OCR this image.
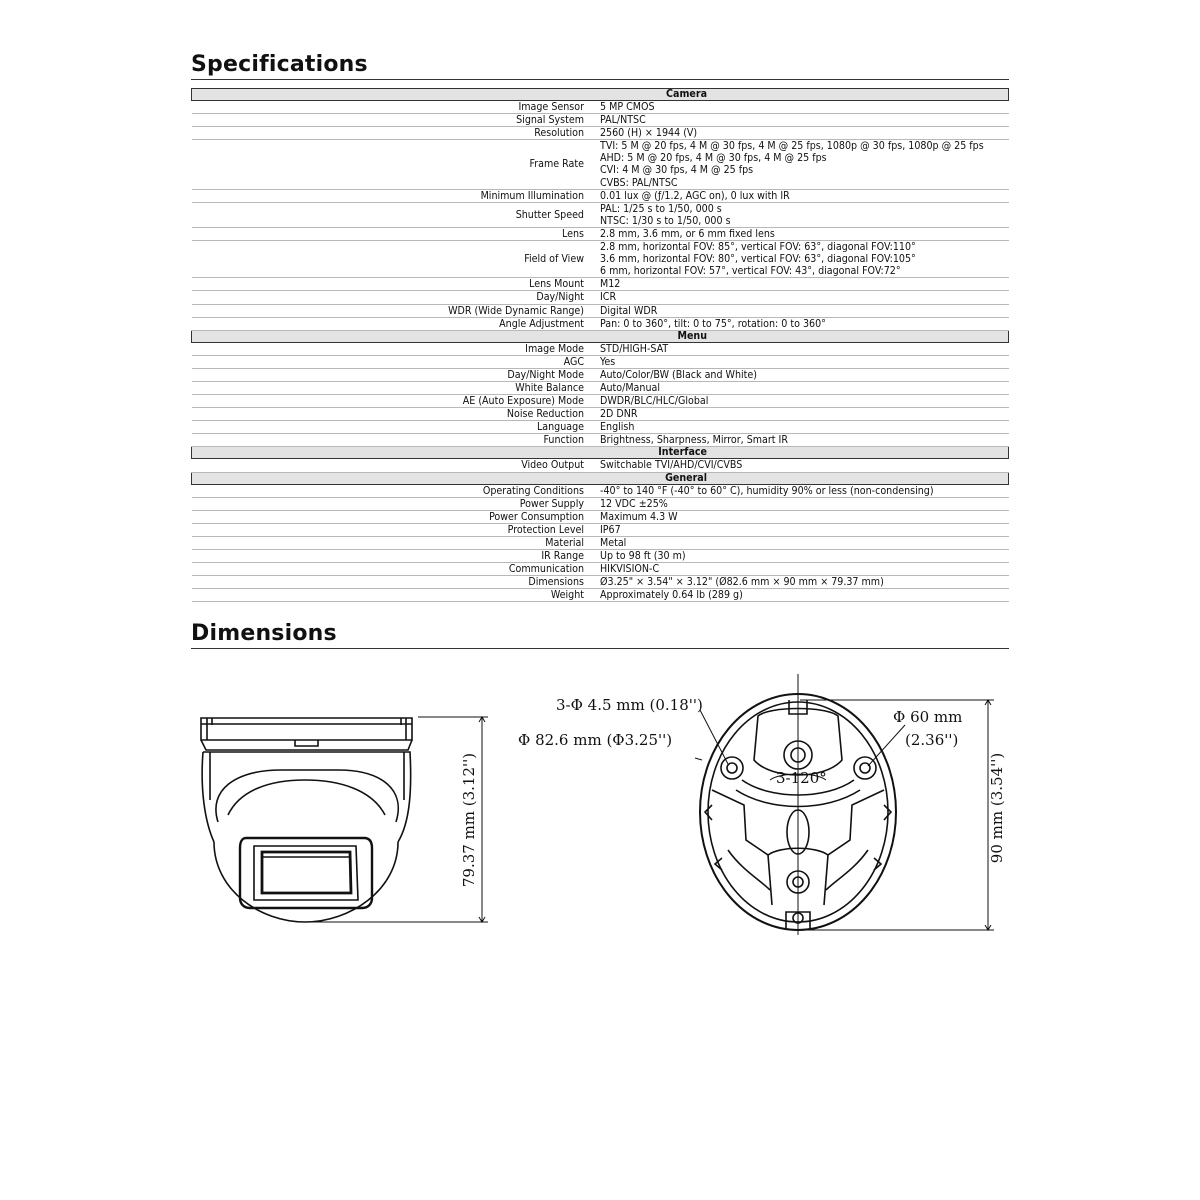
Specifications
Camera	
Image Sensor	5 MP CMOS

Signal System	PAL/NTSC

Resolution	2560 (H) × 1944 (V)

Frame Rate	TVI: 5 M @ 20 fps, 4 M @ 30 fps, 4 M @ 25 fps, 1080p @ 30 fps, 1080p @ 25 fps
AHD: 5 M @ 20 fps, 4 M @ 30 fps, 4 M @ 25 fps
CVI: 4 M @ 30 fps, 4 M @ 25 fps
CVBS: PAL/NTSC

Minimum Illumination	0.01 lux @ (ƒ/1.2, AGC on), 0 lux with IR

Shutter Speed	PAL: 1/25 s to 1/50, 000 s
NTSC: 1/30 s to 1/50, 000 s

Lens	2.8 mm, 3.6 mm, or 6 mm fixed lens

Field of View	2.8 mm, horizontal FOV: 85°, vertical FOV: 63°, diagonal FOV:110°
3.6 mm, horizontal FOV: 80°, vertical FOV: 63°, diagonal FOV:105°
6 mm, horizontal FOV: 57°, vertical FOV: 43°, diagonal FOV:72°

Lens Mount	M12

Day/Night	ICR

WDR (Wide Dynamic Range)	Digital WDR

Angle Adjustment	Pan: 0 to 360°, tilt: 0 to 75°, rotation: 0 to 360°

Menu	
Image Mode	STD/HIGH-SAT

AGC	Yes

Day/Night Mode	Auto/Color/BW (Black and White)

White Balance	Auto/Manual

AE (Auto Exposure) Mode	DWDR/BLC/HLC/Global

Noise Reduction	2D DNR

Language	English

Function	Brightness, Sharpness, Mirror, Smart IR

Interface	
Video Output	Switchable TVI/AHD/CVI/CVBS

General	
Operating Conditions	-40° to 140 °F (-40° to 60° C), humidity 90% or less (non-condensing)

Power Supply	12 VDC ±25%

Power Consumption	Maximum 4.3 W

Protection Level	IP67

Material	Metal

IR Range	Up to 98 ft (30 m)

Communication	HIKVISION-C

Dimensions	Ø3.25" × 3.54" × 3.12" (Ø82.6 mm × 90 mm × 79.37 mm)

Weight	Approximately 0.64 lb (289 g)
Dimensions
79.37 mm (3.12'')
3-Φ 4.5 mm (0.18'')
Φ 82.6 mm (Φ3.25'')
Φ 60 mm
(2.36'')
3-120°	90 mm (3.54'')
